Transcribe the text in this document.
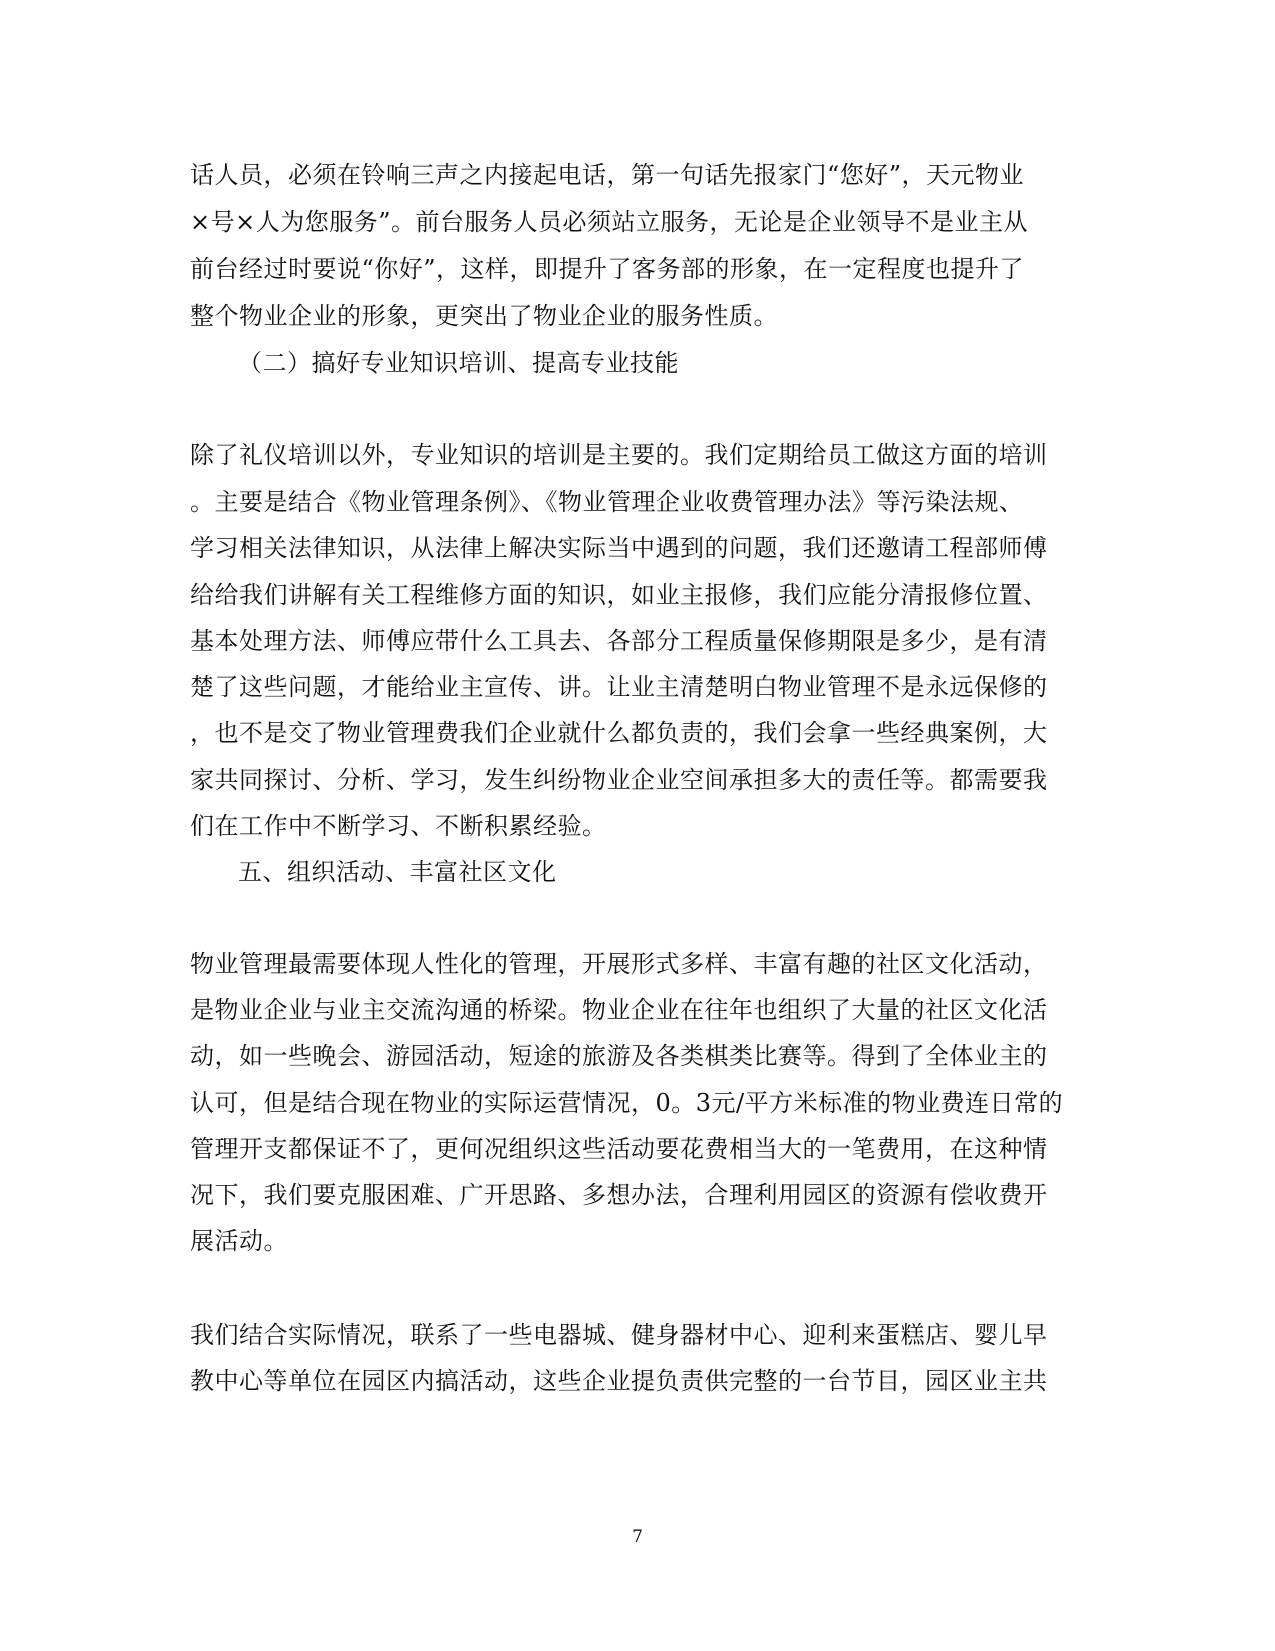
话人员，必须在铃响三声之内接起电话，第一句话先报家门“您好”，天元物业
×号×人为您服务”。前台服务人员必须站立服务，无论是企业领导不是业主从
前台经过时要说“你好”，这样，即提升了客务部的形象，在一定程度也提升了
整个物业企业的形象，更突出了物业企业的服务性质。
（二）搞好专业知识培训、提高专业技能
除了礼仪培训以外，专业知识的培训是主要的。我们定期给员工做这方面的培训
。主要是结合《物业管理条例》、《物业管理企业收费管理办法》等污染法规、
学习相关法律知识，从法律上解决实际当中遇到的问题，我们还邀请工程部师傅
给给我们讲解有关工程维修方面的知识，如业主报修，我们应能分清报修位置、
基本处理方法、师傅应带什么工具去、各部分工程质量保修期限是多少，是有清
楚了这些问题，才能给业主宣传、讲。让业主清楚明白物业管理不是永远保修的
，也不是交了物业管理费我们企业就什么都负责的，我们会拿一些经典案例，大
家共同探讨、分析、学习，发生纠纷物业企业空间承担多大的责任等。都需要我
们在工作中不断学习、不断积累经验。
五、组织活动、丰富社区文化
物业管理最需要体现人性化的管理，开展形式多样、丰富有趣的社区文化活动，
是物业企业与业主交流沟通的桥梁。物业企业在往年也组织了大量的社区文化活
动，如一些晚会、游园活动，短途的旅游及各类棋类比赛等。得到了全体业主的
认可，但是结合现在物业的实际运营情况，0。3元/平方米标准的物业费连日常的
管理开支都保证不了，更何况组织这些活动要花费相当大的一笔费用，在这种情
况下，我们要克服困难、广开思路、多想办法，合理利用园区的资源有偿收费开
展活动。
我们结合实际情况，联系了一些电器城、健身器材中心、迎利来蛋糕店、婴儿早
教中心等单位在园区内搞活动，这些企业提负责供完整的一台节目，园区业主共
7
